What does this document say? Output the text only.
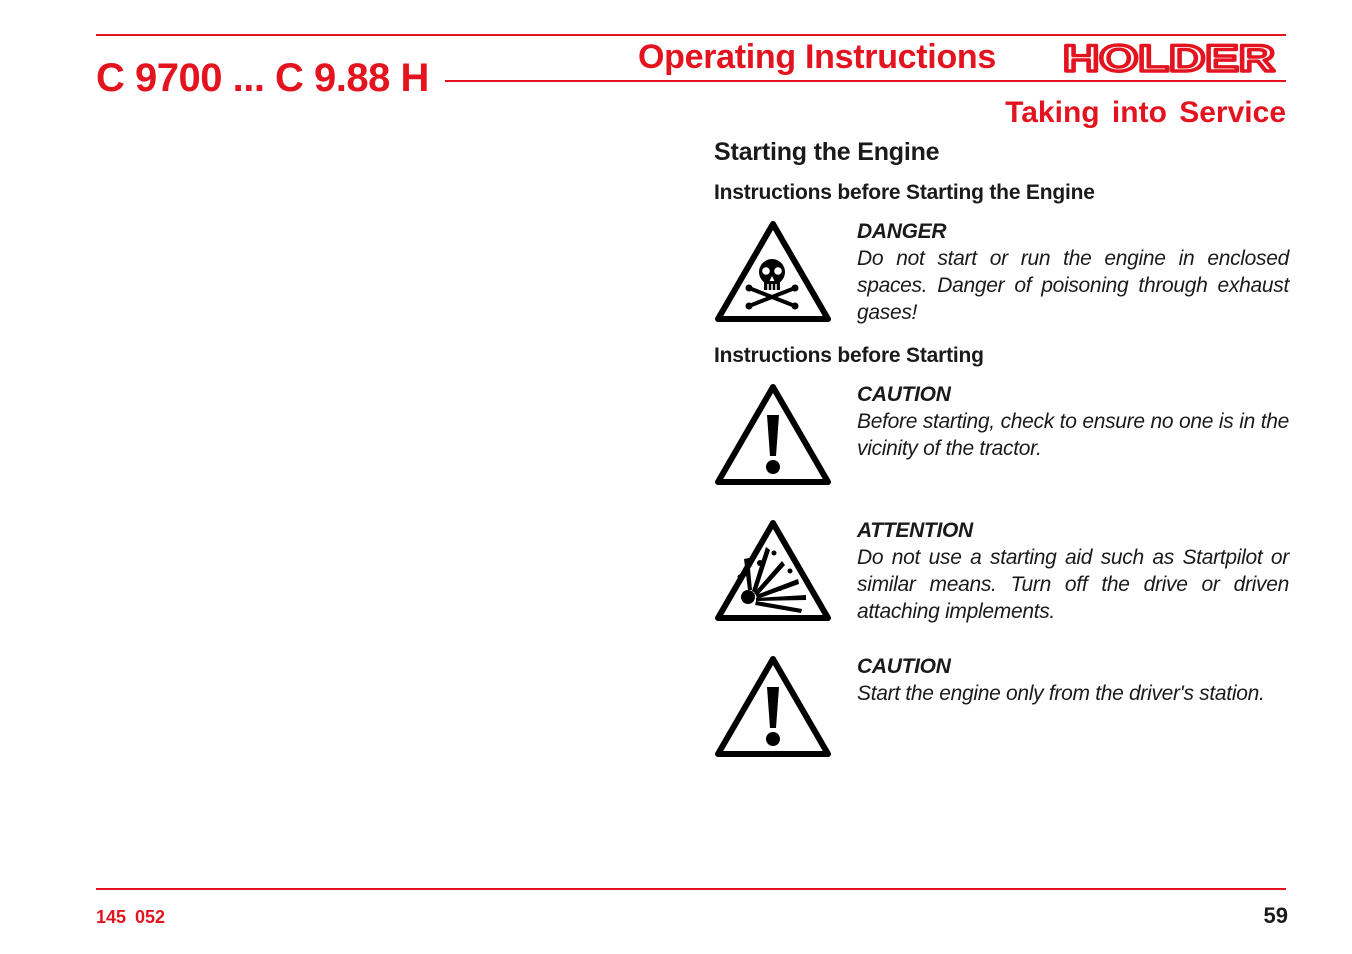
C 9700 ... C 9.88 H	Operating Instructions HOLDER
Taking into Service
Starting the Engine
Instructions before Starting the Engine
DANGER
Do not start or run the engine in enclosed spaces. Danger of poisoning through exhaust gases!
Instructions before Starting
CAUTION
Before starting, check to ensure no one is in the vicinity of the tractor.
ATTENTION
Do not use a starting aid such as Startpilot or similar means. Turn off the drive or driven attaching implements.
CAUTION
Start the engine only from the driver's station.
145 052	59
